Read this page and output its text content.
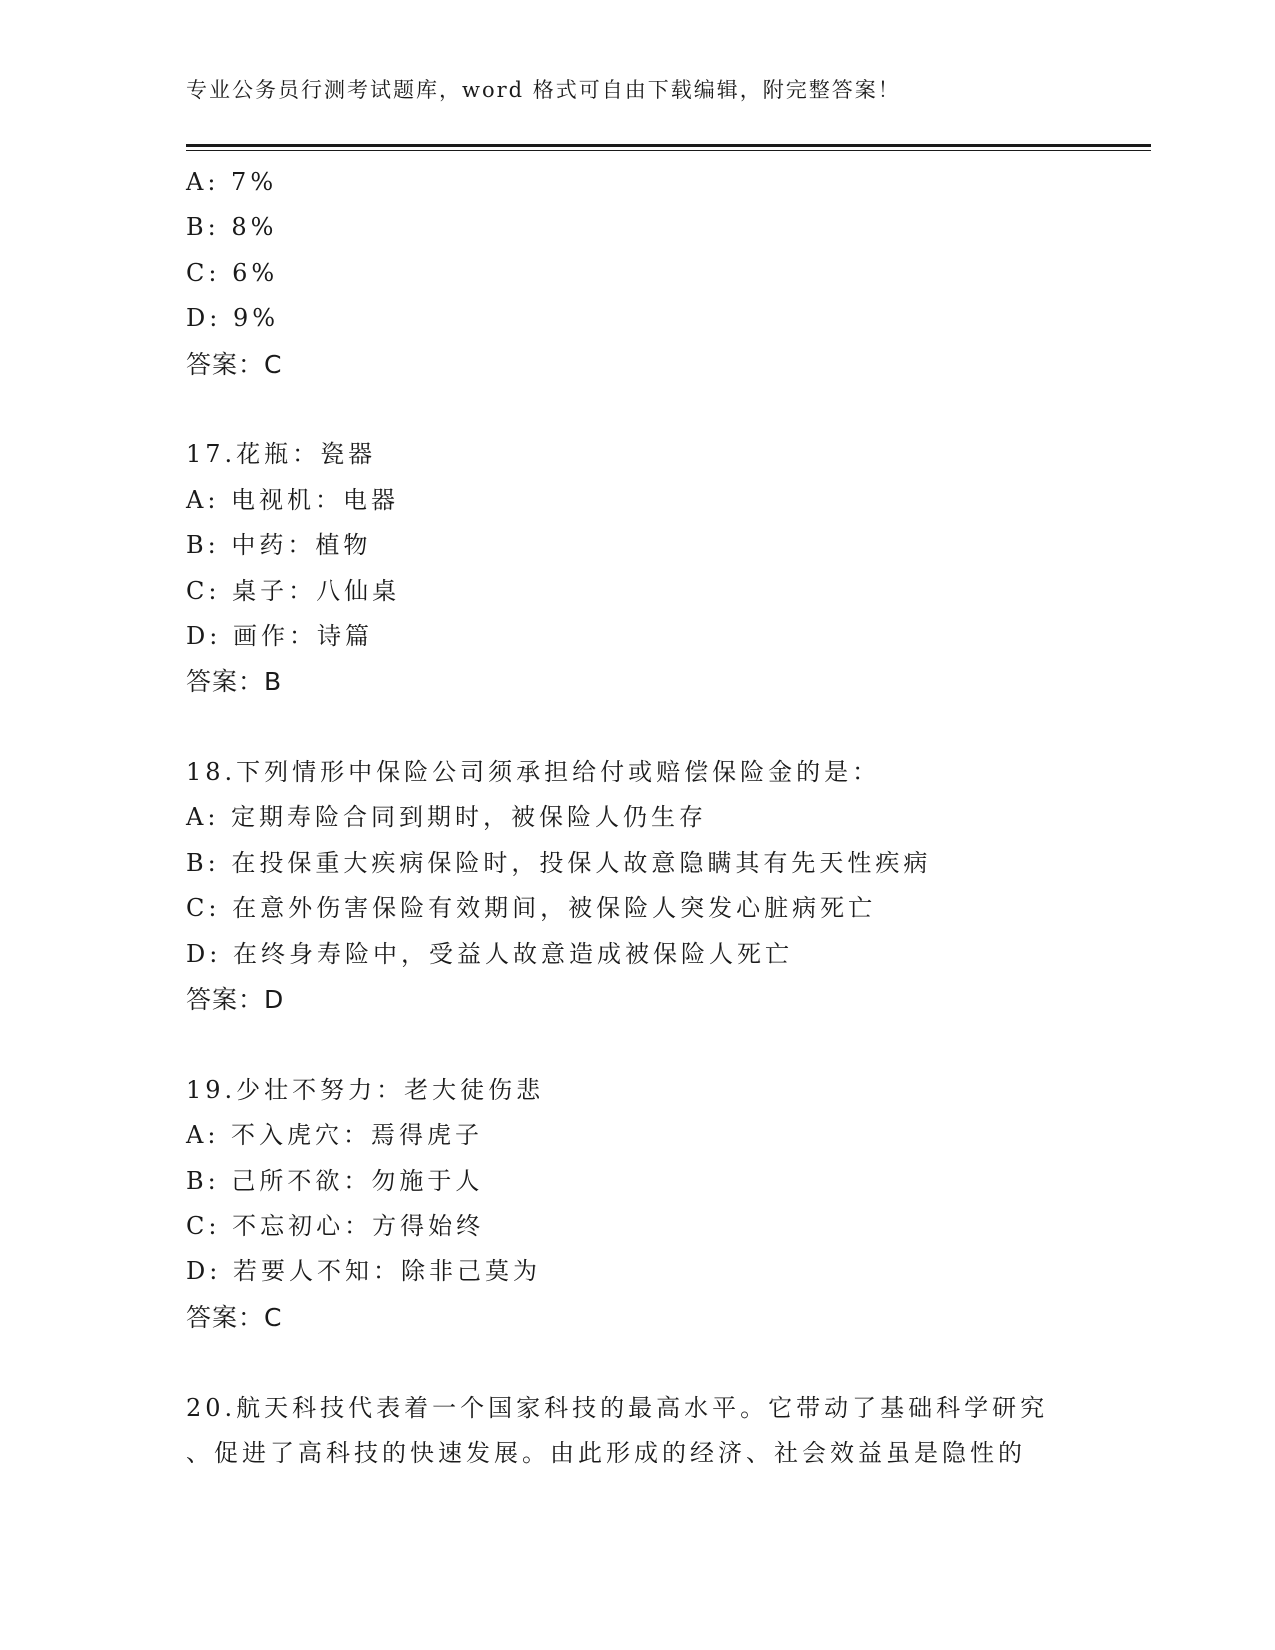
专业公务员行测考试题库，word 格式可自由下载编辑，附完整答案！
A: 7%
B: 8%
C: 6%
D: 9%
答案：C
17.花瓶：瓷器
A: 电视机：电器
B: 中药：植物
C: 桌子：八仙桌
D: 画作：诗篇
答案：B
18.下列情形中保险公司须承担给付或赔偿保险金的是：
A: 定期寿险合同到期时，被保险人仍生存
B: 在投保重大疾病保险时，投保人故意隐瞒其有先天性疾病
C: 在意外伤害保险有效期间，被保险人突发心脏病死亡
D: 在终身寿险中，受益人故意造成被保险人死亡
答案：D
19.少壮不努力：老大徒伤悲
A: 不入虎穴：焉得虎子
B: 己所不欲：勿施于人
C: 不忘初心：方得始终
D: 若要人不知：除非己莫为
答案：C
20.航天科技代表着一个国家科技的最高水平。它带动了基础科学研究
、促进了高科技的快速发展。由此形成的经济、社会效益虽是隐性的
